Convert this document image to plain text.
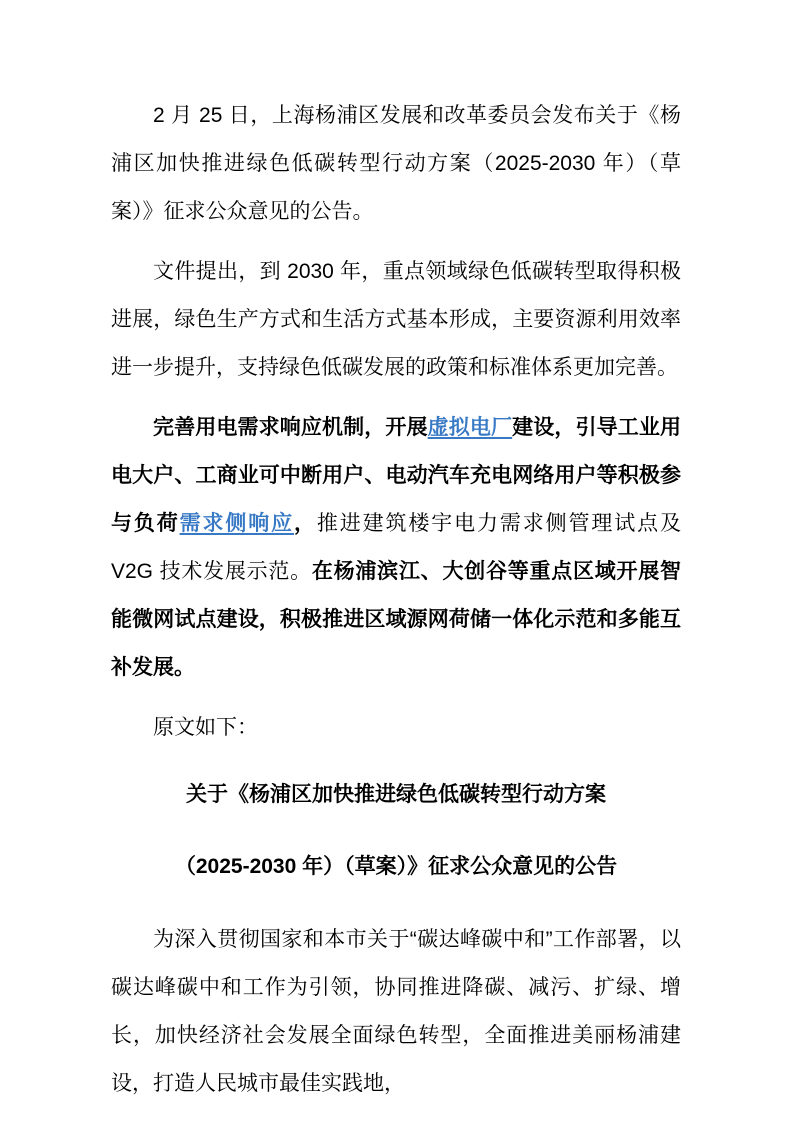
2 月 25 日，上海杨浦区发展和改革委员会发布关于《杨浦区加快推进绿色低碳转型行动方案（2025-2030 年）（草案）》征求公众意见的公告。

文件提出，到 2030 年，重点领域绿色低碳转型取得积极进展，绿色生产方式和生活方式基本形成，主要资源利用效率进一步提升，支持绿色低碳发展的政策和标准体系更加完善。

完善用电需求响应机制，开展虚拟电厂建设，引导工业用电大户、工商业可中断用户、电动汽车充电网络用户等积极参与负荷需求侧响应，推进建筑楼宇电力需求侧管理试点及 V2G 技术发展示范。在杨浦滨江、大创谷等重点区域开展智能微网试点建设，积极推进区域源网荷储一体化示范和多能互补发展。

原文如下：

关于《杨浦区加快推进绿色低碳转型行动方案

（2025-2030 年）（草案）》征求公众意见的公告

为深入贯彻国家和本市关于“碳达峰碳中和”工作部署，以碳达峰碳中和工作为引领，协同推进降碳、减污、扩绿、增长，加快经济社会发展全面绿色转型，全面推进美丽杨浦建设，打造人民城市最佳实践地，
